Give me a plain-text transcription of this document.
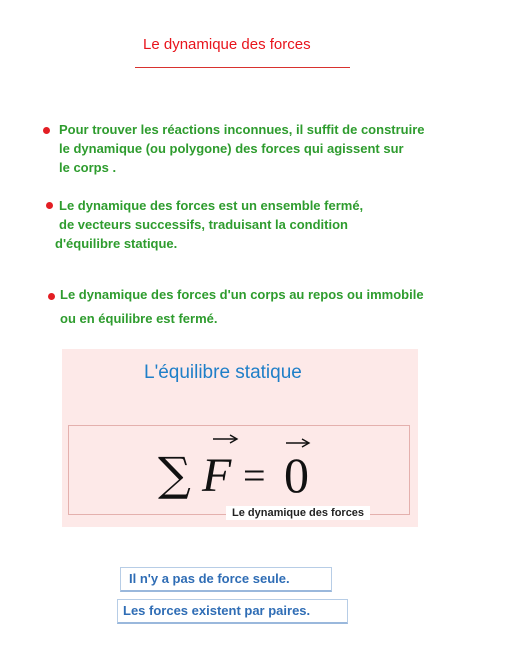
Le dynamique des forces
Pour trouver les réactions inconnues, il suffit de construire
le dynamique (ou polygone) des forces qui agissent sur
le corps .
Le dynamique des forces est un ensemble fermé,
de vecteurs successifs, traduisant la condition
d'équilibre statique.
Le dynamique des forces d'un corps au repos ou immobile
ou en équilibre est fermé.
L'équilibre statique
∑ F = 0
Le dynamique des forces
Il n'y a pas de force seule.
Les forces existent par paires.
